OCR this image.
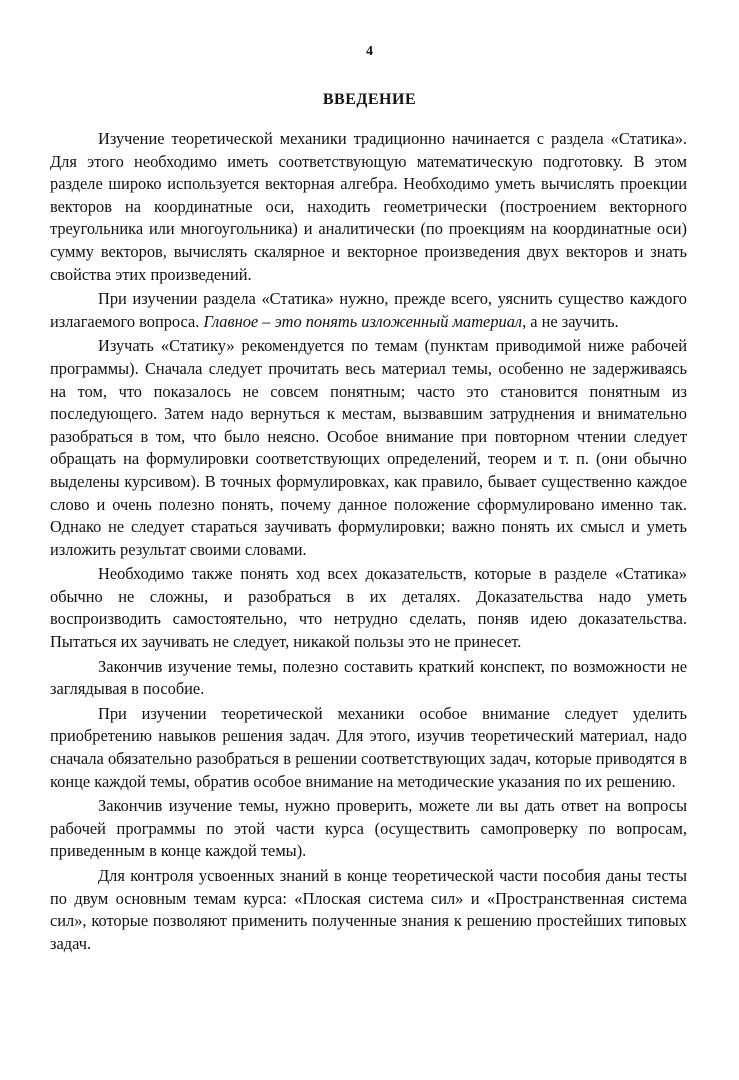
4
ВВЕДЕНИЕ

Изучение теоретической механики традиционно начинается с раздела «Статика». Для этого необходимо иметь соответствующую математическую подготовку. В этом разделе широко используется векторная алгебра. Необходимо уметь вычислять проекции векторов на координатные оси, находить геометрически (построением векторного треугольника или многоугольника) и аналитически (по проекциям на координатные оси) сумму векторов, вычислять скалярное и векторное произведения двух векторов и знать свойства этих произведений.

При изучении раздела «Статика» нужно, прежде всего, уяснить существо каждого излагаемого вопроса. Главное – это понять изложенный материал, а не заучить.

Изучать «Статику» рекомендуется по темам (пунктам приводимой ниже рабочей программы). Сначала следует прочитать весь материал темы, особенно не задерживаясь на том, что показалось не совсем понятным; часто это становится понятным из последующего. Затем надо вернуться к местам, вызвавшим затруднения и внимательно разобраться в том, что было неясно. Особое внимание при повторном чтении следует обращать на формулировки соответствующих определений, теорем и т. п. (они обычно выделены курсивом). В точных формулировках, как правило, бывает существенно каждое слово и очень полезно понять, почему данное положение сформулировано именно так. Однако не следует стараться заучивать формулировки; важно понять их смысл и уметь изложить результат своими словами.

Необходимо также понять ход всех доказательств, которые в разделе «Статика» обычно не сложны, и разобраться в их деталях. Доказательства надо уметь воспроизводить самостоятельно, что нетрудно сделать, поняв идею доказательства. Пытаться их заучивать не следует, никакой пользы это не принесет.

Закончив изучение темы, полезно составить краткий конспект, по возможности не заглядывая в пособие.

При изучении теоретической механики особое внимание следует уделить приобретению навыков решения задач. Для этого, изучив теоретический материал, надо сначала обязательно разобраться в решении соответствующих задач, которые приводятся в конце каждой темы, обратив особое внимание на методические указания по их решению.

Закончив изучение темы, нужно проверить, можете ли вы дать ответ на вопросы рабочей программы по этой части курса (осуществить самопроверку по вопросам, приведенным в конце каждой темы).

Для контроля усвоенных знаний в конце теоретической части пособия даны тесты по двум основным темам курса: «Плоская система сил» и «Пространственная система сил», которые позволяют применить полученные знания к решению простейших типовых задач.
